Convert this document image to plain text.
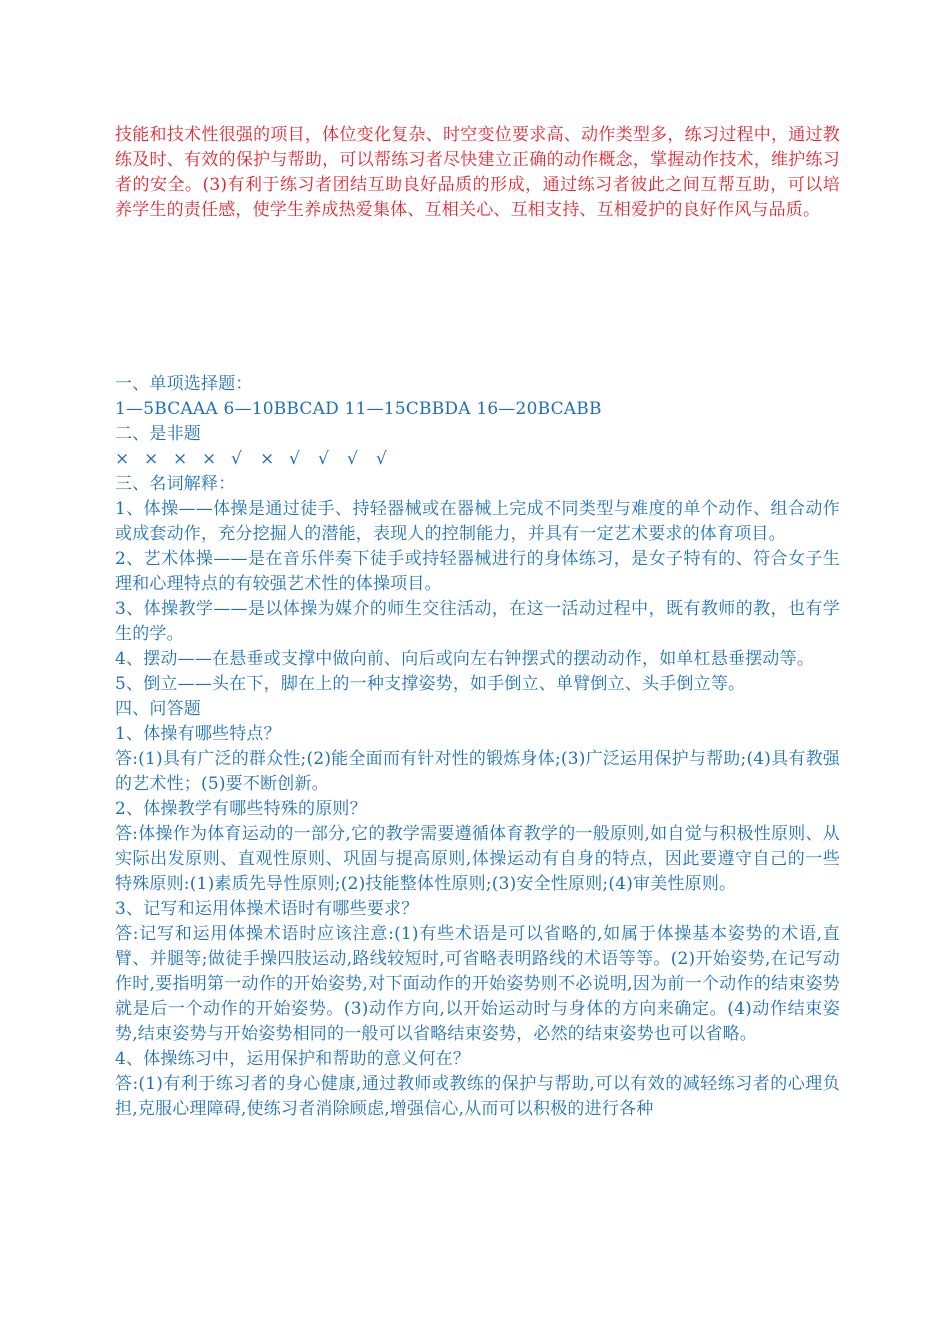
技能和技术性很强的项目，体位变化复杂、时空变位要求高、动作类型多，练习过程中，通过教练及时、有效的保护与帮助，可以帮练习者尽快建立正确的动作概念，掌握动作技术，维护练习者的安全。(3)有利于练习者团结互助良好品质的形成，通过练习者彼此之间互帮互助，可以培养学生的责任感，使学生养成热爱集体、互相关心、互相支持、互相爱护的良好作风与品质。

一、单项选择题：

1—5BCAAA 6—10BBCAD 11—15CBBDA 16—20BCABB

二、是非题

× × × × √ × √ √ √ √

三、名词解释：

1、体操——体操是通过徒手、持轻器械或在器械上完成不同类型与难度的单个动作、组合动作或成套动作，充分挖掘人的潜能，表现人的控制能力，并具有一定艺术要求的体育项目。

2、艺术体操——是在音乐伴奏下徒手或持轻器械进行的身体练习，是女子特有的、符合女子生理和心理特点的有较强艺术性的体操项目。

3、体操教学——是以体操为媒介的师生交往活动，在这一活动过程中，既有教师的教，也有学生的学。

4、摆动——在悬垂或支撑中做向前、向后或向左右钟摆式的摆动动作，如单杠悬垂摆动等。

5、倒立——头在下，脚在上的一种支撑姿势，如手倒立、单臂倒立、头手倒立等。

四、问答题

1、体操有哪些特点？

答:(1)具有广泛的群众性;(2)能全面而有针对性的锻炼身体;(3)广泛运用保护与帮助;(4)具有教强的艺术性；(5)要不断创新。

2、体操教学有哪些特殊的原则？

答:体操作为体育运动的一部分,它的教学需要遵循体育教学的一般原则,如自觉与积极性原则、从实际出发原则、直观性原则、巩固与提高原则,体操运动有自身的特点，因此要遵守自己的一些特殊原则:(1)素质先导性原则;(2)技能整体性原则;(3)安全性原则;(4)审美性原则。

3、记写和运用体操术语时有哪些要求？

答:记写和运用体操术语时应该注意:(1)有些术语是可以省略的,如属于体操基本姿势的术语,直臂、并腿等;做徒手操四肢运动,路线较短时,可省略表明路线的术语等等。(2)开始姿势,在记写动作时,要指明第一动作的开始姿势,对下面动作的开始姿势则不必说明,因为前一个动作的结束姿势就是后一个动作的开始姿势。(3)动作方向,以开始运动时与身体的方向来确定。(4)动作结束姿势,结束姿势与开始姿势相同的一般可以省略结束姿势，必然的结束姿势也可以省略。

4、体操练习中，运用保护和帮助的意义何在？

答:(1)有利于练习者的身心健康,通过教师或教练的保护与帮助,可以有效的减轻练习者的心理负担,克服心理障碍,使练习者消除顾虑,增强信心,从而可以积极的进行各种
